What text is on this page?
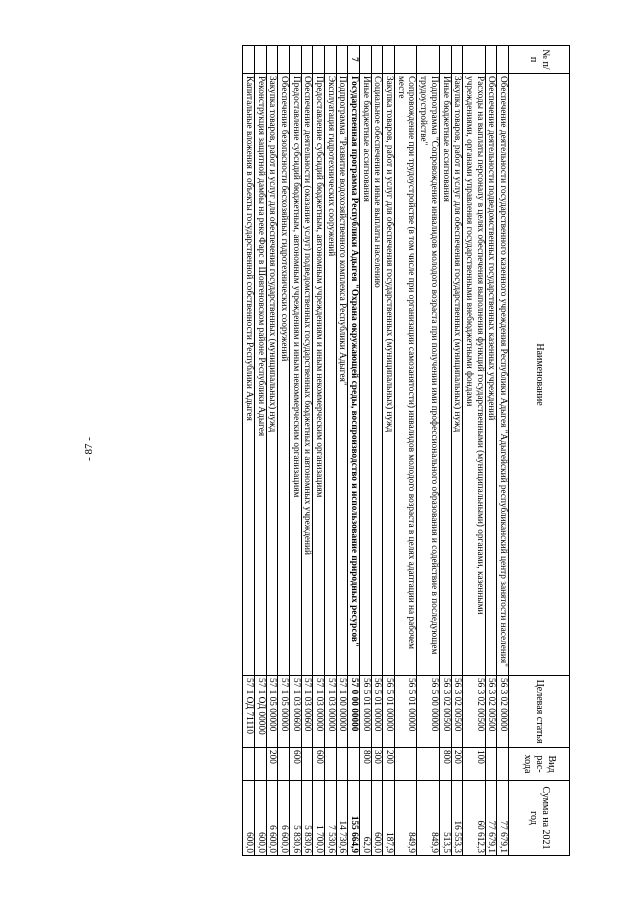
- 87 -
№ п/п	Наименование	Целевая статья	Вид рас-хода	Сумма на 2021 год
	Обеспечение деятельности государственного казенного учреждения Республики Адыгея "Адыгейский республиканский центр занятости населения"	56 3 02 00000		77 679,1
	Обеспечение деятельности подведомственных государственных казенных учреждений	56 3 02 00500		77 679,1
	Расходы на выплаты персоналу в целях обеспечения выполнения функций государственными (муниципальными) органами, казенными учреждениями, органами управления государственными внебюджетными фондами	56 3 02 00500	100	60 612,3
	Закупка товаров, работ и услуг для обеспечения государственных (муниципальных) нужд	56 3 02 00500	200	16 553,3
	Иные бюджетные ассигнования	56 3 02 00500	800	513,5
	Подпрограмма "Сопровождение инвалидов молодого возраста при получении ими профессионального образования и содействие в последующем трудоустройстве"	56 5 00 00000		849,9
	Сопровождение при трудоустройстве (в том числе при организации самозанятости) инвалидов молодого возраста в целях адаптации на рабочем месте	56 5 01 00000		849,9
	Закупка товаров, работ и услуг для обеспечения государственных (муниципальных) нужд	56 5 01 00000	200	187,9
	Социальное обеспечение и иные выплаты населению	56 5 01 00000	300	600,0
	Иные бюджетные ассигнования	56 5 01 00000	800	62,0
7	Государственная программа Республики Адыгея "Охрана окружающей среды, воспроизводство и использование природных ресурсов"	57 0 00 00000		155 664,9
	Подпрограмма "Развитие водохозяйственного комплекса Республики Адыгея"	57 1 00 00000		14 730,6
	Эксплуатация гидротехнических сооружений	57 1 03 00000		7 530,6
	Предоставление субсидий бюджетным, автономным учреждениям и иным некоммерческим организациям	57 1 03 00000	600	1 700,0
	Обеспечение деятельности (оказание услуг) подведомственных государственных бюджетных и автономных учреждений	57 1 03 00600		5 830,6
	Предоставление субсидий бюджетным, автономным учреждениям и иным некоммерческим организациям	57 1 03 00600	600	5 830,6
	Обеспечение безопасности бесхозяйных гидротехнических сооружений	57 1 05 00000		6 600,0
	Закупка товаров, работ и услуг для обеспечения государственных (муниципальных) нужд	57 1 05 00000	200	6 600,0
	Реконструкция защитной дамбы на реке Фарс в Шовгеновском районе Республики Адыгея	57 1 ОД 00000		600,0
	Капитальные вложения в объекты государственной собственности Республики Адыгея	57 1 ОД 71110		600,0
